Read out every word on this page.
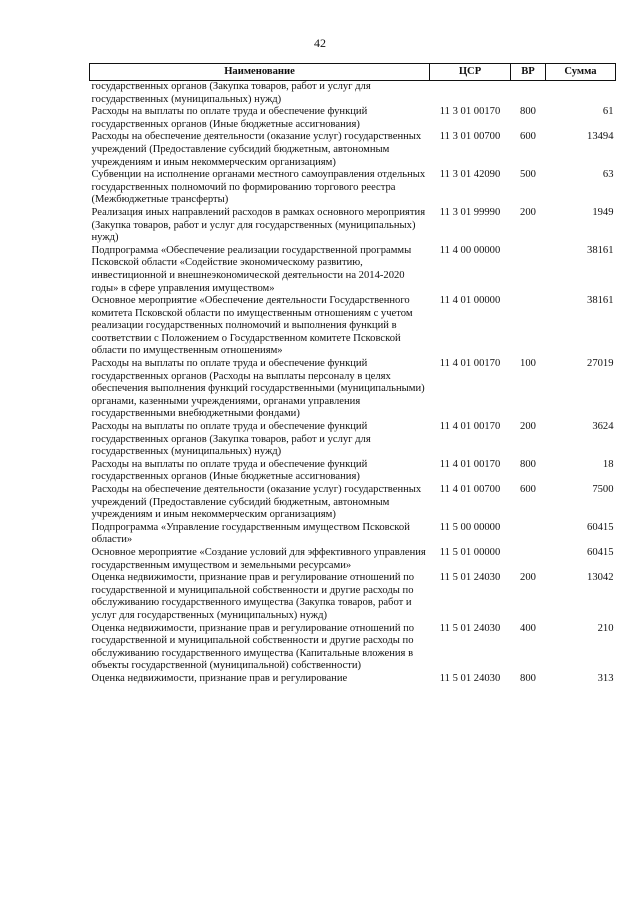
42
Наименование	ЦСР	ВР	Сумма
государственных органов (Закупка товаров, работ и услуг для государственных (муниципальных) нужд)			
Расходы на выплаты по оплате труда и обеспечение функций государственных органов (Иные бюджетные ассигнования)	11 3 01 00170	800	61
Расходы на обеспечение деятельности (оказание услуг) государственных учреждений (Предоставление субсидий бюджетным, автономным учреждениям и иным некоммерческим организациям)	11 3 01 00700	600	13494
Субвенции на исполнение органами местного самоуправления отдельных государственных полномочий по формированию торгового реестра (Межбюджетные трансферты)	11 3 01 42090	500	63
Реализация иных направлений расходов в рамках основного мероприятия (Закупка товаров, работ и услуг для государственных (муниципальных) нужд)	11 3 01 99990	200	1949
Подпрограмма «Обеспечение реализации государственной программы Псковской области «Содействие экономическому развитию, инвестиционной и внешнеэкономической деятельности на 2014-2020 годы» в сфере управления имуществом»	11 4 00 00000		38161
Основное мероприятие «Обеспечение деятельности Государственного комитета Псковской области по имущественным отношениям с учетом реализации государственных полномочий и выполнения функций в соответствии с Положением о Государственном комитете Псковской области по имущественным отношениям»	11 4 01 00000		38161
Расходы на выплаты по оплате труда и обеспечение функций государственных органов (Расходы на выплаты персоналу в целях обеспечения выполнения функций государственными (муниципальными) органами, казенными учреждениями, органами управления государственными внебюджетными фондами)	11 4 01 00170	100	27019
Расходы на выплаты по оплате труда и обеспечение функций государственных органов (Закупка товаров, работ и услуг для государственных (муниципальных) нужд)	11 4 01 00170	200	3624
Расходы на выплаты по оплате труда и обеспечение функций государственных органов (Иные бюджетные ассигнования)	11 4 01 00170	800	18
Расходы на обеспечение деятельности (оказание услуг) государственных учреждений (Предоставление субсидий бюджетным, автономным учреждениям и иным некоммерческим организациям)	11 4 01 00700	600	7500
Подпрограмма «Управление государственным имуществом Псковской области»	11 5 00 00000		60415
Основное мероприятие «Создание условий для эффективного управления государственным имуществом и земельными ресурсами»	11 5 01 00000		60415
Оценка недвижимости, признание прав и регулирование отношений по государственной и муниципальной собственности и другие расходы по обслуживанию государственного имущества (Закупка товаров, работ и услуг для государственных (муниципальных) нужд)	11 5 01 24030	200	13042
Оценка недвижимости, признание прав и регулирование отношений по государственной и муниципальной собственности и другие расходы по обслуживанию государственного имущества (Капитальные вложения в объекты государственной (муниципальной) собственности)	11 5 01 24030	400	210
Оценка недвижимости, признание прав и регулирование	11 5 01 24030	800	313
